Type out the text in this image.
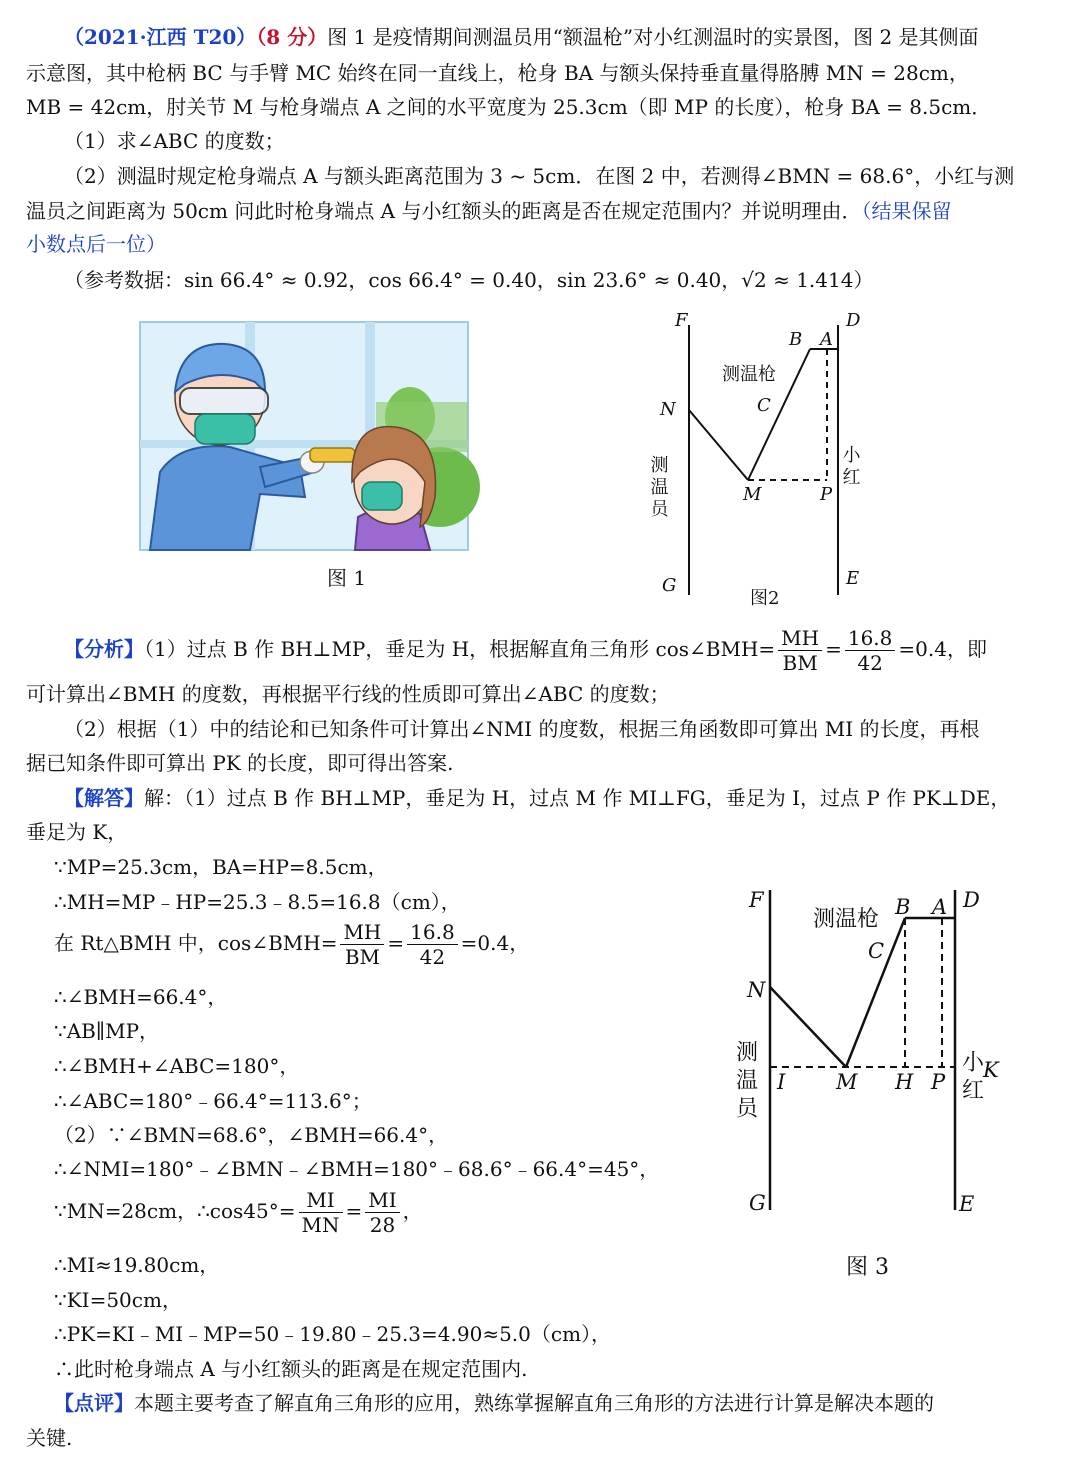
（2021·江西 T20）（8 分）图 1 是疫情期间测温员用“额温枪”对小红测温时的实景图，图 2 是其侧面
示意图，其中枪柄 BC 与手臂 MC 始终在同一直线上，枪身 BA 与额头保持垂直量得胳膊 MN = 28cm，
MB = 42cm，肘关节 M 与枪身端点 A 之间的水平宽度为 25.3cm（即 MP 的长度），枪身 BA = 8.5cm．
（1）求∠ABC 的度数；
（2）测温时规定枪身端点 A 与额头距离范围为 3 ~ 5cm．在图 2 中，若测得∠BMN = 68.6°，小红与测
温员之间距离为 50cm 问此时枪身端点 A 与小红额头的距离是否在规定范围内？并说明理由．（结果保留
小数点后一位）
（参考数据：sin 66.4° ≈ 0.92，cos 66.4° = 0.40，sin 23.6° ≈ 0.40，√2 ≈ 1.414）
图 1
F
N
G
B A
D
C
M	P
E
测温枪
测温员	小红
图2
【分析】（1）过点 B 作 BH⊥MP，垂足为 H，根据解直角三角形 cos∠BMH= $\frac{MH}{BM} = \frac{16.8}{42} =0.4$，即
可计算出∠BMH 的度数，再根据平行线的性质即可算出∠ABC 的度数；
（2）根据（1）中的结论和已知条件可计算出∠NMI 的度数，根据三角函数即可算出 MI 的长度，再根
据已知条件即可算出 PK 的长度，即可得出答案.
【解答】解：（1）过点 B 作 BH⊥MP，垂足为 H，过点 M 作 MI⊥FG，垂足为 I，过点 P 作 PK⊥DE，
垂足为 K，
∵MP=25.3cm，BA=HP=8.5cm，
∴MH=MP﹣HP=25.3﹣8.5=16.8（cm），
在 Rt△BMH 中，cos∠BMH= $\frac{MH}{BM} = \frac{16.8}{42} =0.4$，
∴∠BMH=66.4°，
∵AB∥MP，
∴∠BMH+∠ABC=180°，
∴∠ABC=180°﹣66.4°=113.6°；
（2）∵∠BMN=68.6°，∠BMH=66.4°，
∴∠NMI=180°﹣∠BMN﹣∠BMH=180°﹣68.6°﹣66.4°=45°，
∵MN=28cm，∴cos45°= $\frac{MI}{MN} = \frac{MI}{28}$ ，
∴MI≈19.80cm，
∵KI=50cm，
∴PK=KI﹣MI﹣MP=50﹣19.80﹣25.3=4.90≈5.0（cm），
∴此时枪身端点 A 与小红额头的距离是在规定范围内.
F
N
G
B A D
C
I M H P K
E
测温枪
测温员	小红
图 3
【点评】本题主要考查了解直角三角形的应用，熟练掌握解直角三角形的方法进行计算是解决本题的
关键.
